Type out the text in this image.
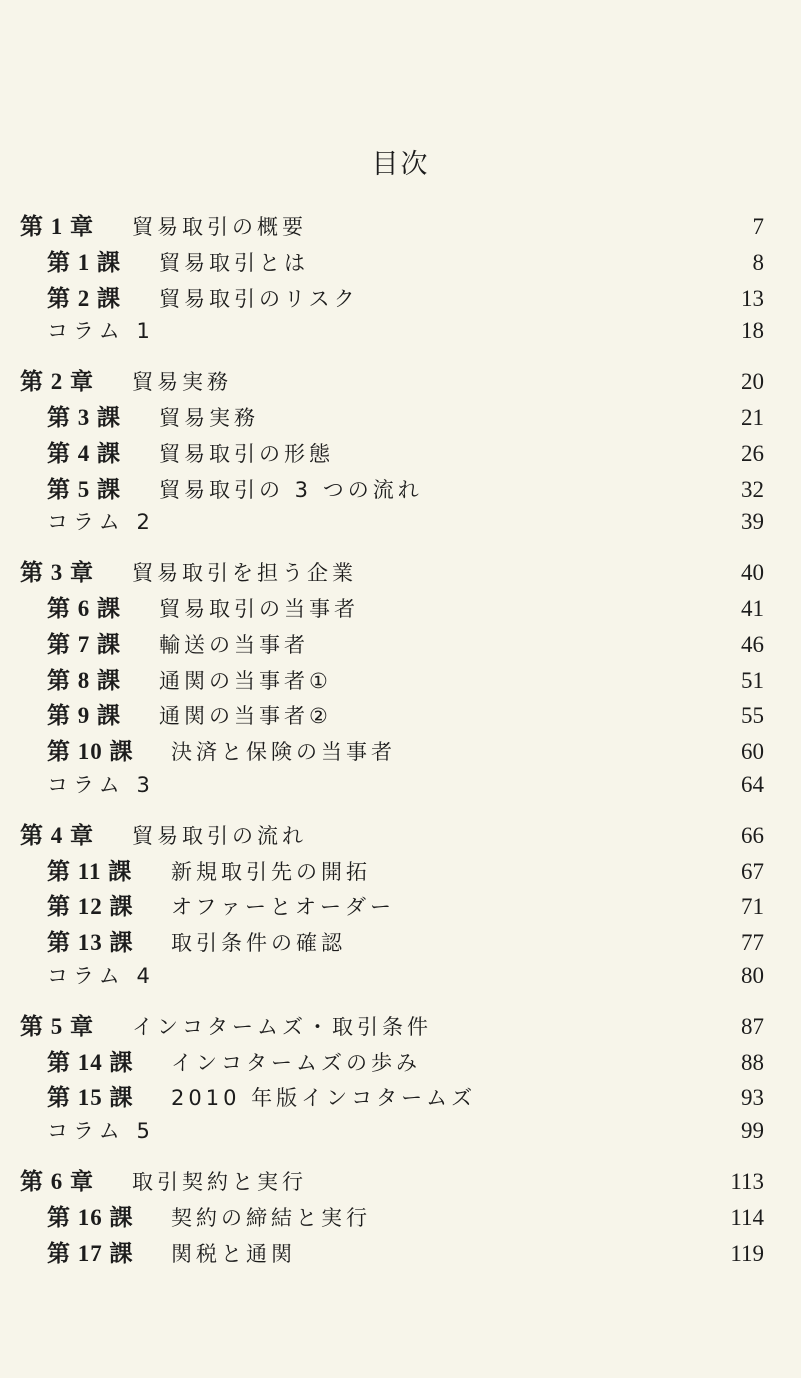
目次
第 1 章	貿易取引の概要	7
第 1 課	貿易取引とは	8
第 2 課	貿易取引のリスク	13
コラム 1	18
第 2 章	貿易実務	20
第 3 課	貿易実務	21
第 4 課	貿易取引の形態	26
第 5 課	貿易取引の 3 つの流れ	32
コラム 2	39
第 3 章	貿易取引を担う企業	40
第 6 課	貿易取引の当事者	41
第 7 課	輸送の当事者	46
第 8 課	通関の当事者①	51
第 9 課	通関の当事者②	55
第 10 課	決済と保険の当事者	60
コラム 3	64
第 4 章	貿易取引の流れ	66
第 11 課	新規取引先の開拓	67
第 12 課	オファーとオーダー	71
第 13 課	取引条件の確認	77
コラム 4	80
第 5 章	インコタームズ・取引条件	87
第 14 課	インコタームズの歩み	88
第 15 課	2010 年版インコタームズ	93
コラム 5	99
第 6 章	取引契約と実行	113
第 16 課	契約の締結と実行	114
第 17 課	関税と通関	119
